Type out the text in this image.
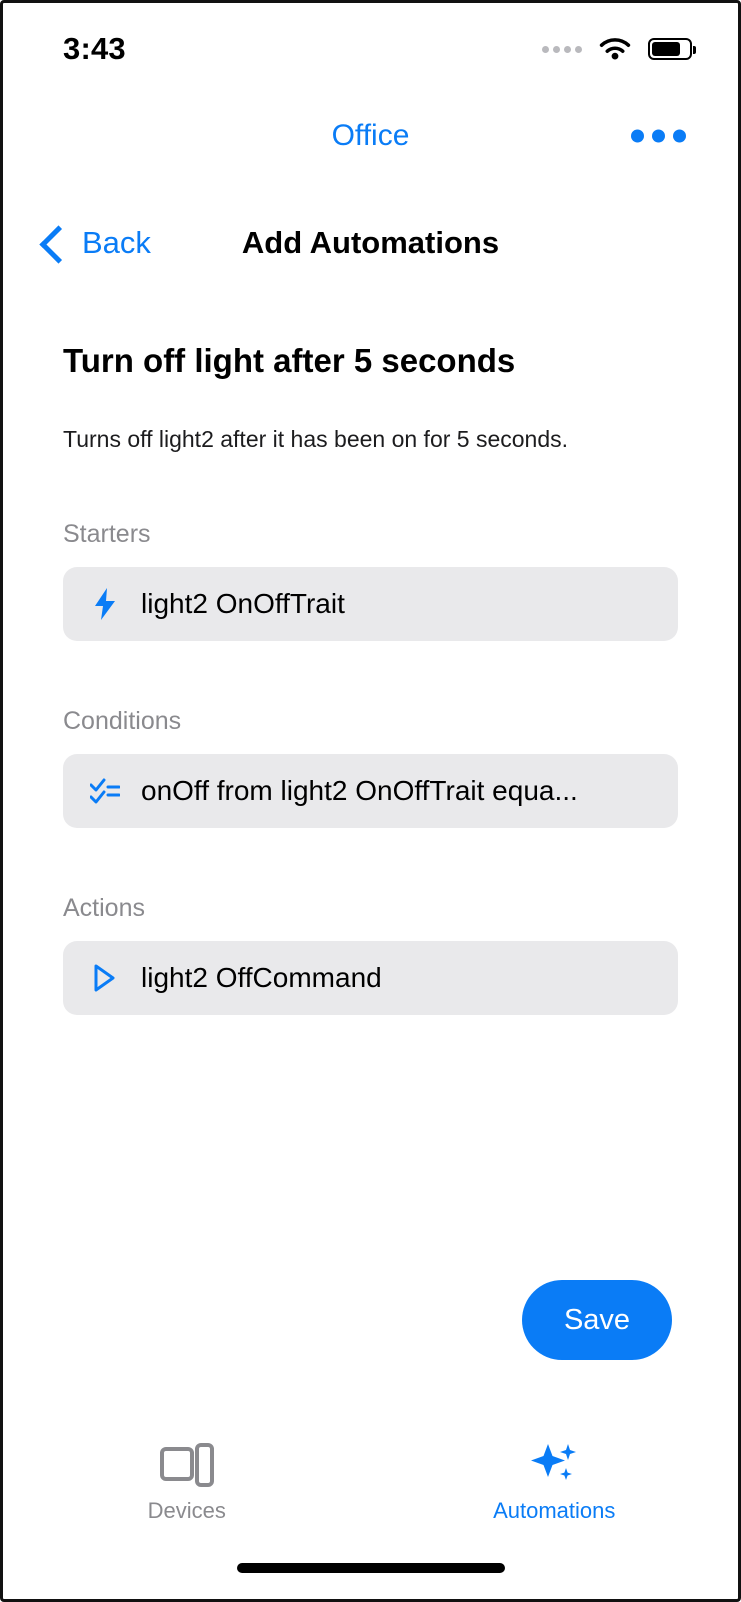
3:43
Office
Back	Add Automations
Turn off light after 5 seconds

Turns off light2 after it has been on for 5 seconds.

Starters
light2 OnOffTrait
Conditions
onOff from light2 OnOffTrait equa...
Actions
light2 OffCommand
Save
Devices	Automations
